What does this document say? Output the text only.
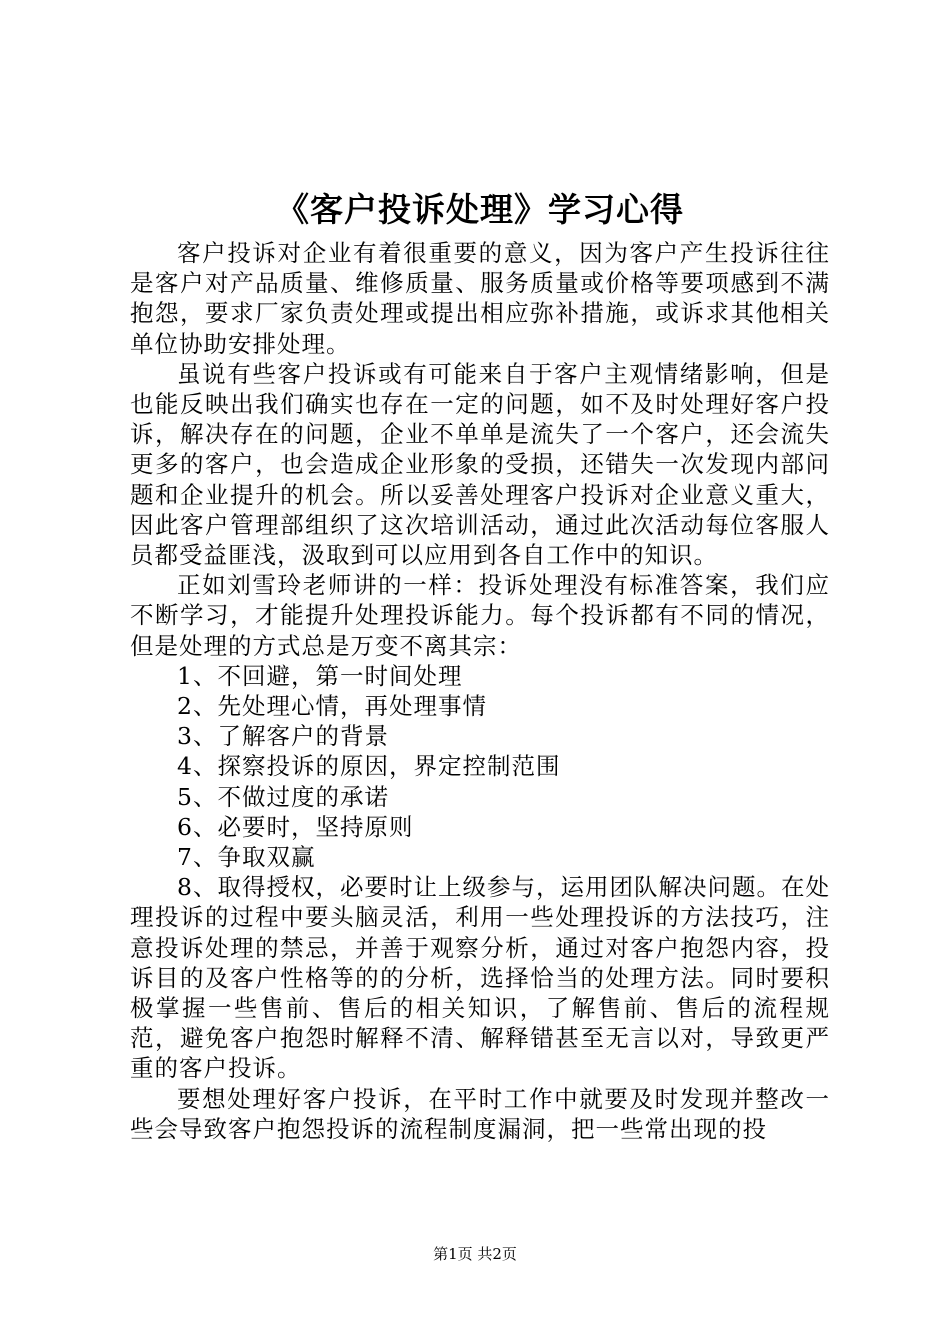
《客户投诉处理》学习心得

客户投诉对企业有着很重要的意义，因为客户产生投诉往往是客户对产品质量、维修质量、服务质量或价格等要项感到不满抱怨，要求厂家负责处理或提出相应弥补措施，或诉求其他相关单位协助安排处理。

虽说有些客户投诉或有可能来自于客户主观情绪影响，但是也能反映出我们确实也存在一定的问题，如不及时处理好客户投诉，解决存在的问题，企业不单单是流失了一个客户，还会流失更多的客户，也会造成企业形象的受损，还错失一次发现内部问题和企业提升的机会。所以妥善处理客户投诉对企业意义重大，因此客户管理部组织了这次培训活动，通过此次活动每位客服人员都受益匪浅，汲取到可以应用到各自工作中的知识。

正如刘雪玲老师讲的一样：投诉处理没有标准答案，我们应不断学习，才能提升处理投诉能力。每个投诉都有不同的情况，但是处理的方式总是万变不离其宗：

1、不回避，第一时间处理

2、先处理心情，再处理事情

3、了解客户的背景

4、探察投诉的原因，界定控制范围

5、不做过度的承诺

6、必要时，坚持原则

7、争取双赢

8、取得授权，必要时让上级参与，运用团队解决问题。在处理投诉的过程中要头脑灵活，利用一些处理投诉的方法技巧，注意投诉处理的禁忌，并善于观察分析，通过对客户抱怨内容，投诉目的及客户性格等的的分析，选择恰当的处理方法。同时要积极掌握一些售前、售后的相关知识，了解售前、售后的流程规范，避免客户抱怨时解释不清、解释错甚至无言以对，导致更严重的客户投诉。

要想处理好客户投诉，在平时工作中就要及时发现并整改一些会导致客户抱怨投诉的流程制度漏洞，把一些常出现的投

第1页 共2页
